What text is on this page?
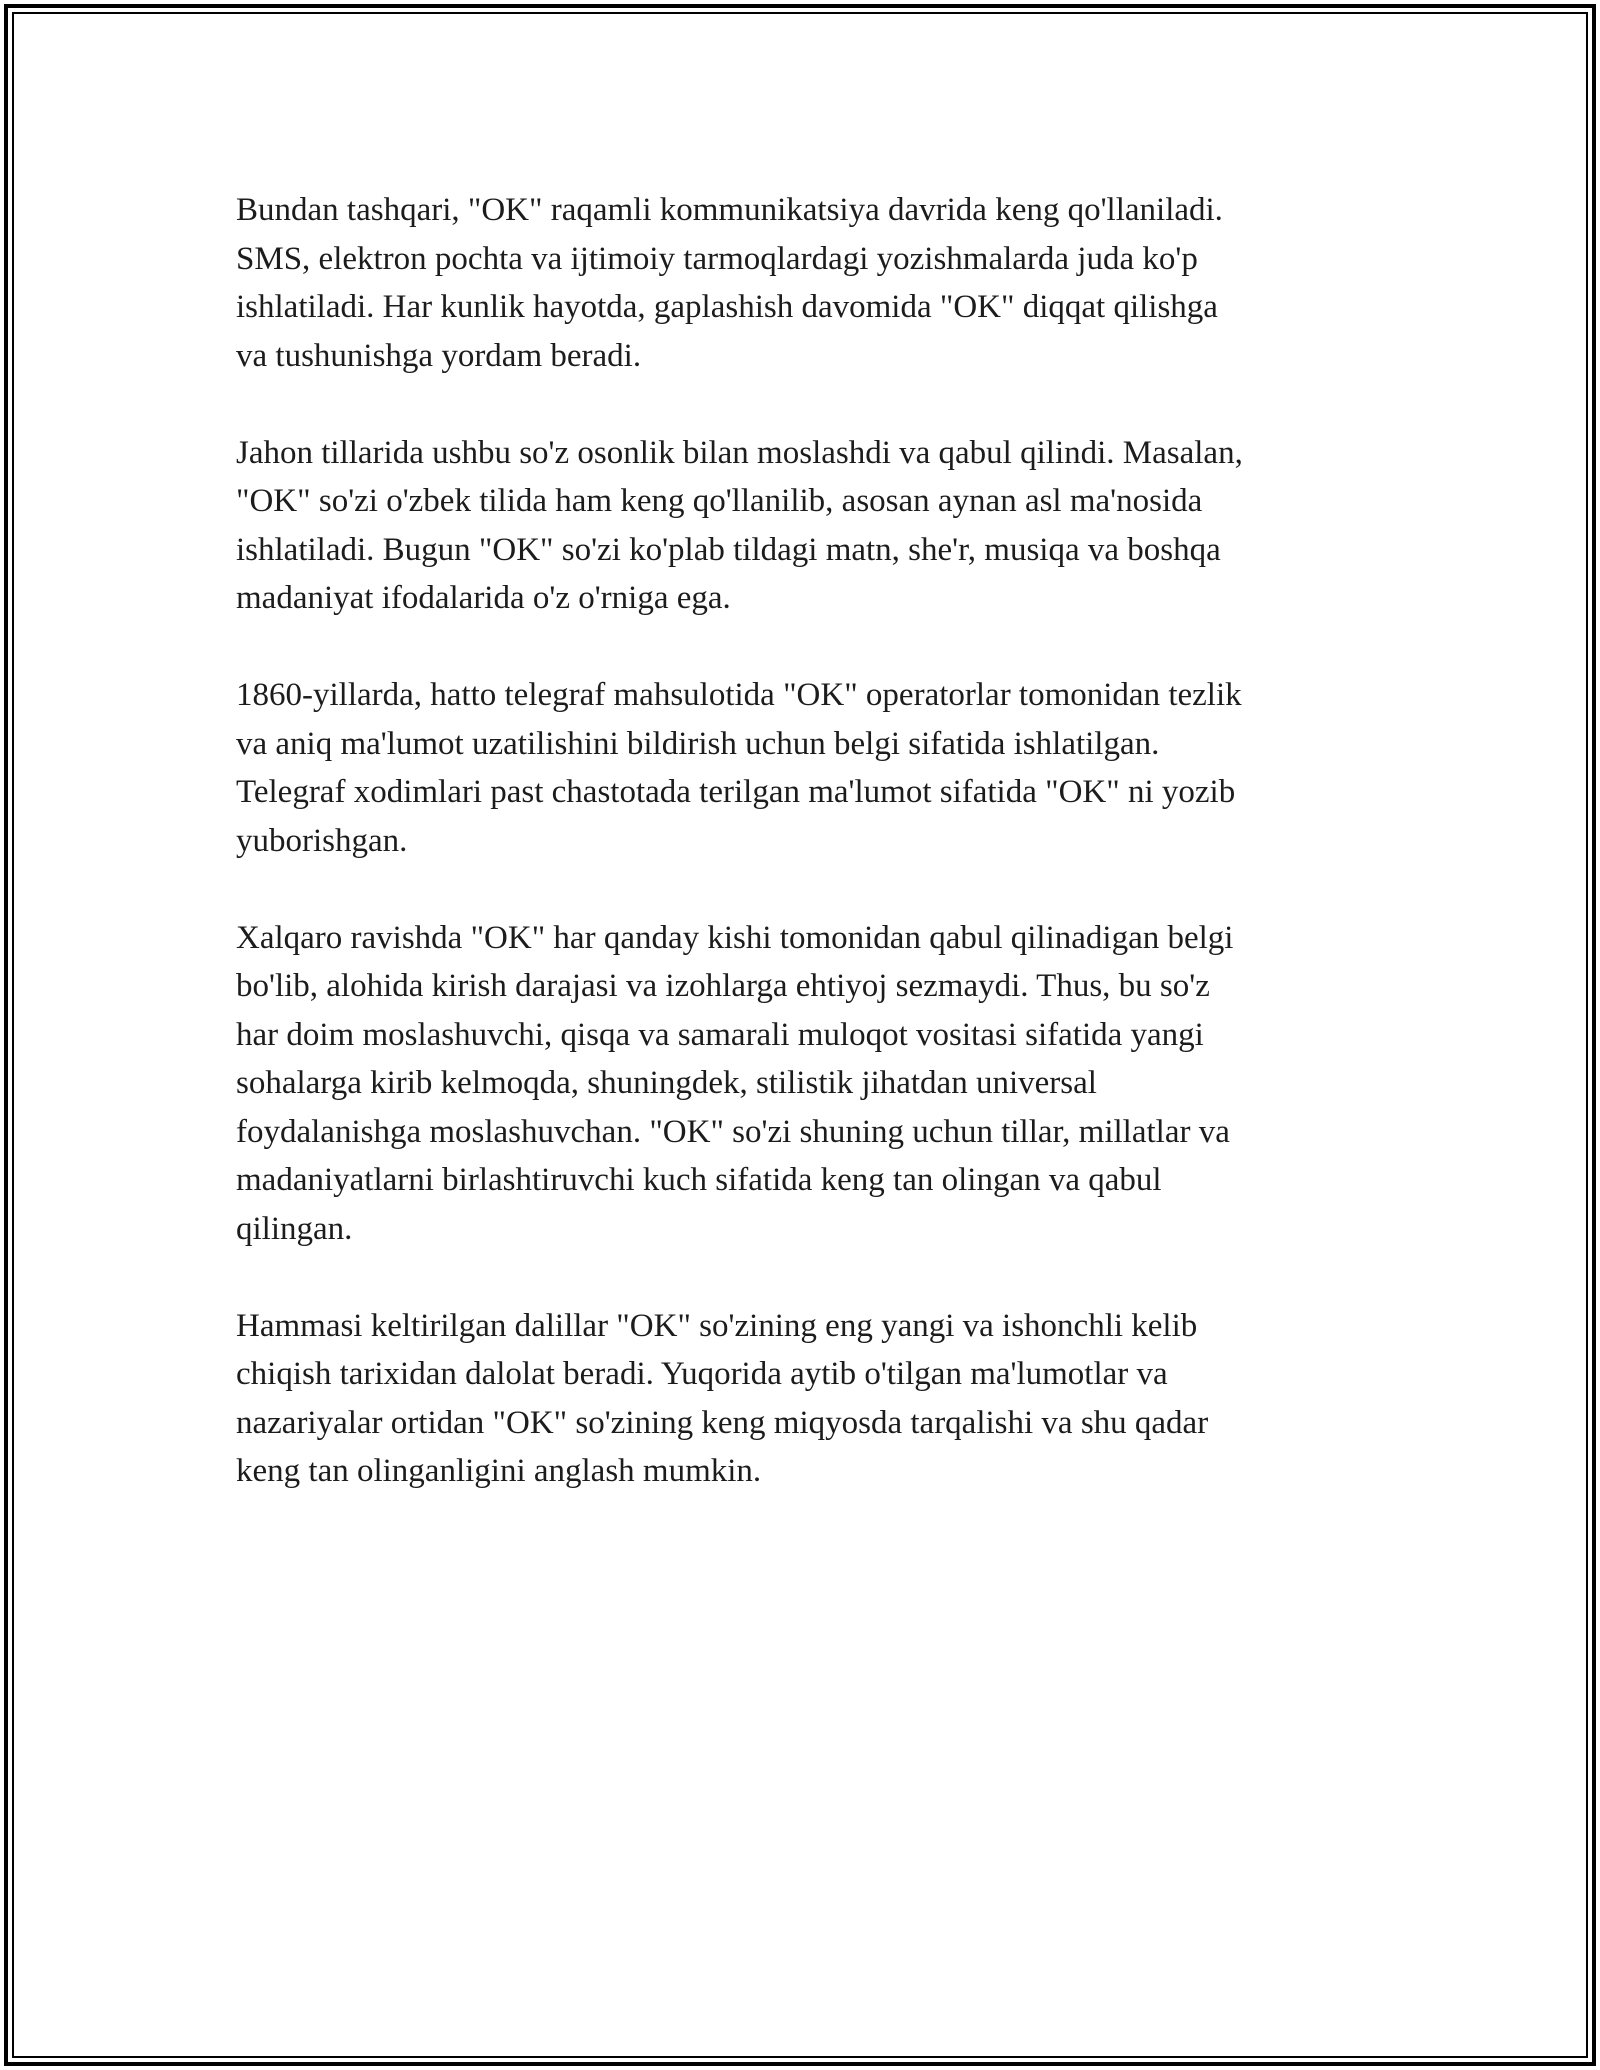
Bundan tashqari, "OK" raqamli kommunikatsiya davrida keng qo'llaniladi.
SMS, elektron pochta va ijtimoiy tarmoqlardagi yozishmalarda juda ko'p
ishlatiladi. Har kunlik hayotda, gaplashish davomida "OK" diqqat qilishga
va tushunishga yordam beradi.

Jahon tillarida ushbu so'z osonlik bilan moslashdi va qabul qilindi. Masalan,
"OK" so'zi o'zbek tilida ham keng qo'llanilib, asosan aynan asl ma'nosida
ishlatiladi. Bugun "OK" so'zi ko'plab tildagi matn, she'r, musiqa va boshqa
madaniyat ifodalarida o'z o'rniga ega.

1860-yillarda, hatto telegraf mahsulotida "OK" operatorlar tomonidan tezlik
va aniq ma'lumot uzatilishini bildirish uchun belgi sifatida ishlatilgan.
Telegraf xodimlari past chastotada terilgan ma'lumot sifatida "OK" ni yozib
yuborishgan.

Xalqaro ravishda "OK" har qanday kishi tomonidan qabul qilinadigan belgi
bo'lib, alohida kirish darajasi va izohlarga ehtiyoj sezmaydi. Thus, bu so'z
har doim moslashuvchi, qisqa va samarali muloqot vositasi sifatida yangi
sohalarga kirib kelmoqda, shuningdek, stilistik jihatdan universal
foydalanishga moslashuvchan. "OK" so'zi shuning uchun tillar, millatlar va
madaniyatlarni birlashtiruvchi kuch sifatida keng tan olingan va qabul
qilingan.

Hammasi keltirilgan dalillar "OK" so'zining eng yangi va ishonchli kelib
chiqish tarixidan dalolat beradi. Yuqorida aytib o'tilgan ma'lumotlar va
nazariyalar ortidan "OK" so'zining keng miqyosda tarqalishi va shu qadar
keng tan olinganligini anglash mumkin.
